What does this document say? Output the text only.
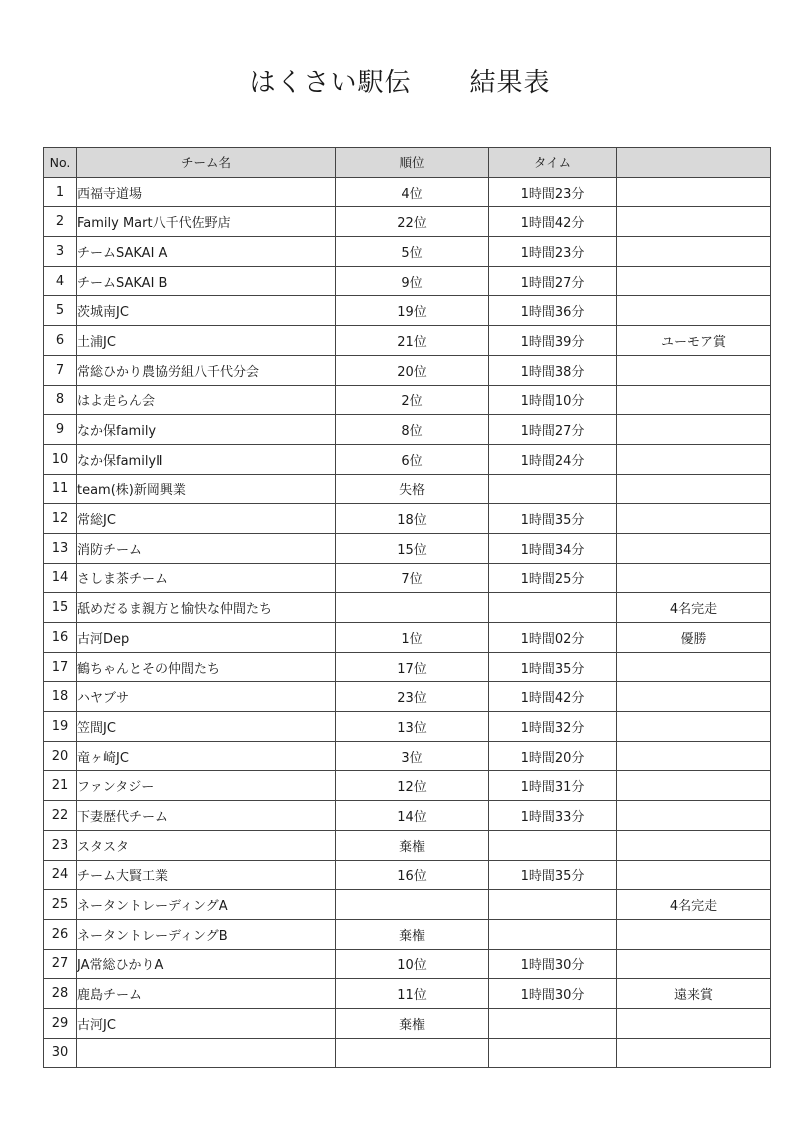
はくさい駅伝 結果表
No.	チーム名	順位	タイム	
1	西福寺道場	4位	1時間23分	
2	Family Mart八千代佐野店	22位	1時間42分	
3	チームSAKAI A	5位	1時間23分	
4	チームSAKAI B	9位	1時間27分	
5	茨城南JC	19位	1時間36分	
6	土浦JC	21位	1時間39分	ユーモア賞
7	常総ひかり農協労組八千代分会	20位	1時間38分	
8	はよ走らん会	2位	1時間10分	
9	なか保family	8位	1時間27分	
10	なか保familyⅡ	6位	1時間24分	
11	team(株)新岡興業	失格		
12	常総JC	18位	1時間35分	
13	消防チーム	15位	1時間34分	
14	さしま茶チーム	7位	1時間25分	
15	舐めだるま親方と愉快な仲間たち			4名完走
16	古河Dep	1位	1時間02分	優勝
17	鶴ちゃんとその仲間たち	17位	1時間35分	
18	ハヤブサ	23位	1時間42分	
19	笠間JC	13位	1時間32分	
20	竜ヶ崎JC	3位	1時間20分	
21	ファンタジー	12位	1時間31分	
22	下妻歴代チーム	14位	1時間33分	
23	スタスタ	棄権		
24	チーム大賢工業	16位	1時間35分	
25	ネータントレーディングA			4名完走
26	ネータントレーディングB	棄権		
27	JA常総ひかりA	10位	1時間30分	
28	鹿島チーム	11位	1時間30分	遠来賞
29	古河JC	棄権		
30				
